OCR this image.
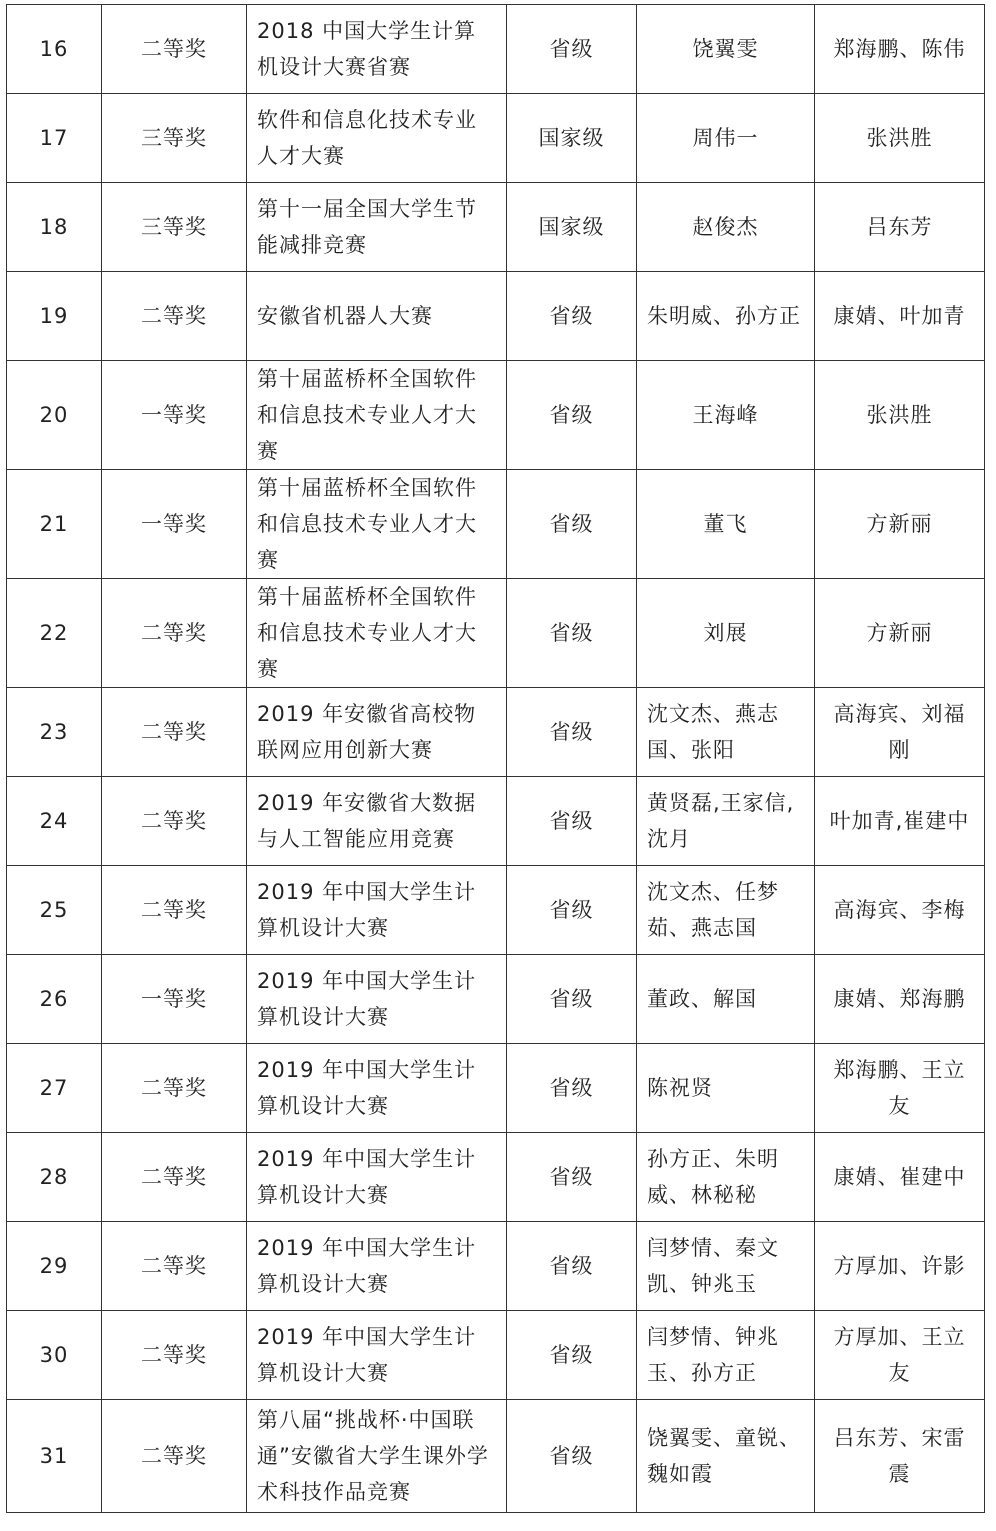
16	二等奖	2018 中国大学生计算机设计大赛省赛	省级	饶翼雯	郑海鹏、陈伟
17	三等奖	软件和信息化技术专业人才大赛	国家级	周伟一	张洪胜
18	三等奖	第十一届全国大学生节能减排竞赛	国家级	赵俊杰	吕东芳
19	二等奖	安徽省机器人大赛	省级	朱明威、孙方正	康婧、叶加青
20	一等奖	第十届蓝桥杯全国软件和信息技术专业人才大赛	省级	王海峰	张洪胜
21	一等奖	第十届蓝桥杯全国软件和信息技术专业人才大赛	省级	董飞	方新丽
22	二等奖	第十届蓝桥杯全国软件和信息技术专业人才大赛	省级	刘展	方新丽
23	二等奖	2019 年安徽省高校物联网应用创新大赛	省级	沈文杰、燕志国、张阳	高海宾、刘福刚
24	二等奖	2019 年安徽省大数据与人工智能应用竞赛	省级	黄贤磊,王家信,沈月	叶加青,崔建中
25	二等奖	2019 年中国大学生计算机设计大赛	省级	沈文杰、任梦茹、燕志国	高海宾、李梅
26	一等奖	2019 年中国大学生计算机设计大赛	省级	董政、解国	康婧、郑海鹏
27	二等奖	2019 年中国大学生计算机设计大赛	省级	陈祝贤	郑海鹏、王立友
28	二等奖	2019 年中国大学生计算机设计大赛	省级	孙方正、朱明威、林秘秘	康婧、崔建中
29	二等奖	2019 年中国大学生计算机设计大赛	省级	闫梦情、秦文凯、钟兆玉	方厚加、许影
30	二等奖	2019 年中国大学生计算机设计大赛	省级	闫梦情、钟兆玉、孙方正	方厚加、王立友
31	二等奖	第八届“挑战杯·中国联通”安徽省大学生课外学术科技作品竞赛	省级	饶翼雯、童锐、魏如霞	吕东芳、宋雷震
